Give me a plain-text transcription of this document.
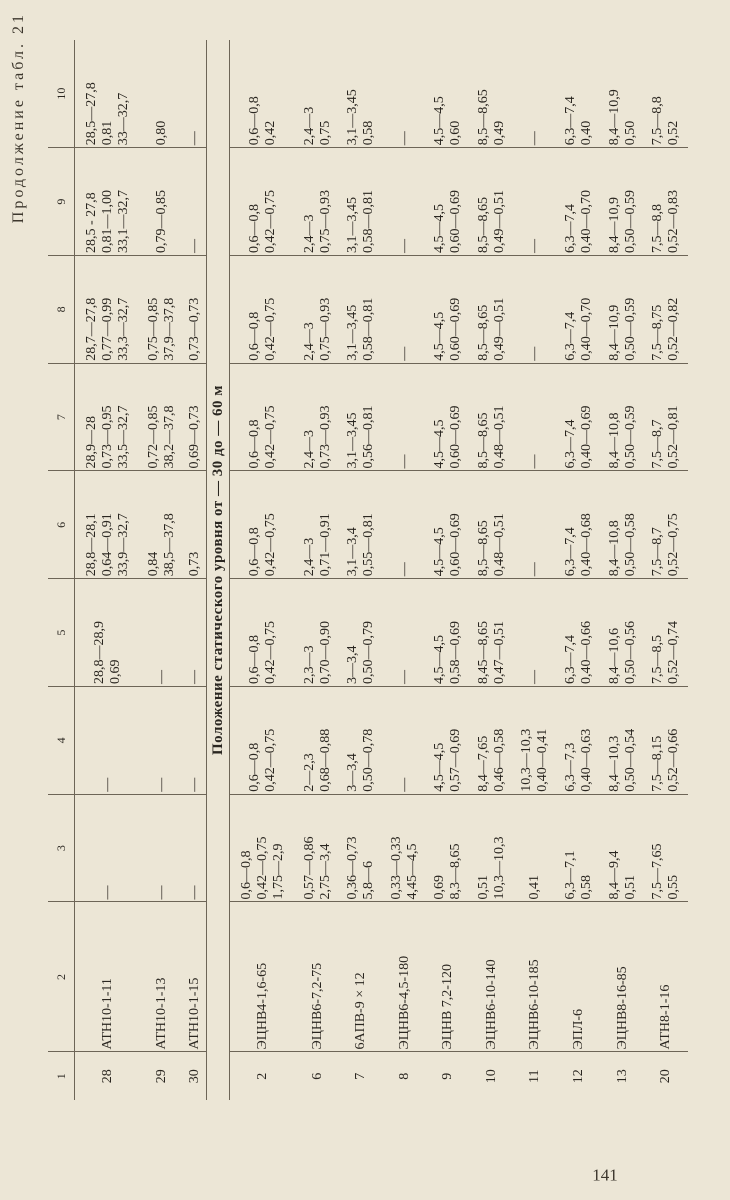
Продолжение табл. 21
141
1	2	3	4	5	6	7	8	9	10
28	АТН10-1-11	—	—	28,8—28,9 0,69	28,8—28,1 0,64—0,91 33,9—32,7	28,9—28 0,73—0,95 33,5—32,7	28,7—27,8 0,77—0,99 33,3—32,7	28,5 - 27,8 0,81—1,00 33,1—32,7	28,5—27,8 0,81 33—32,7

29	АТН10-1-13	—	—	—	0,84 38,5—37,8	0,72—0,85 38,2—37,8	0,75—0,85 37,9—37,8	0,79—0,85	0,80

30	АТН10-1-15	—	—	—	0,73	0,69—0,73	0,73—0,73	—	—

Положение статического уровня от — 30 до — 60 м									
2	ЭЦНВ4-1,6-65	0,6—0,8 0,42—0,75 1,75—2,9	0,6—0,8 0,42—0,75	0,6—0,8 0,42—0,75	0,6—0,8 0,42—0,75	0,6—0,8 0,42—0,75	0,6—0,8 0,42—0,75	0,6—0,8 0,42—0,75	0,6—0,8 0,42

6	ЭЦНВ6-7,2-75	0,57—0,86 2,75—3,4	2—2,3 0,68—0,88	2,3—3 0,70—0,90	2,4—3 0,71—0,91	2,4—3 0,73—0,93	2,4—3 0,75—0,93	2,4—3 0,75—0,93	2,4—3 0,75

7	6АПВ-9 × 12	0,36—0,73 5,8—6	3—3,4 0,50—0,78	3—3,4 0,50—0,79	3,1—3,4 0,55—0,81	3,1—3,45 0,56—0,81	3,1—3,45 0,58—0,81	3,1—3,45 0,58—0,81	3,1—3,45 0,58

8	ЭЦНВ6-4,5-180	0,33—0,33 4,45—4,5	—	—	—	—	—	—	—

9	ЭЦНВ 7,2-120	0,69 8,3—8,65	4,5—4,5 0,57—0,69	4,5—4,5 0,58—0,69	4,5—4,5 0,60—0,69	4,5—4,5 0,60—0,69	4,5—4,5 0,60—0,69	4,5—4,5 0,60—0,69	4,5—4,5 0,60

10	ЭЦНВ6-10-140	0,51 10,3—10,3	8,4—7,65 0,46—0,58	8,45—8,65 0,47—0,51	8,5—8,65 0,48—0,51	8,5—8,65 0,48—0,51	8,5—8,65 0,49—0,51	8,5—8,65 0,49—0,51	8,5—8,65 0,49

11	ЭЦНВ6-10-185	0,41	10,3—10,3 0,40—0,41	—	—	—	—	—	—

12	ЭПЛ-6	6,3—7,1 0,58	6,3—7,3 0,40—0,63	6,3—7,4 0,40—0,66	6,3—7,4 0,40—0,68	6,3—7,4 0,40—0,69	6,3—7,4 0,40—0,70	6,3—7,4 0,40—0,70	6,3—7,4 0,40

13	ЭЦНВ8-16-85	8,4—9,4 0,51	8,4—10,3 0,50—0,54	8,4—10,6 0,50—0,56	8,4—10,8 0,50—0,58	8,4—10,8 0,50—0,59	8,4—10,9 0,50—0,59	8,4—10,9 0,50—0,59	8,4—10,9 0,50

20	АТН8-1-16	7,5—7,65 0,55	7,5—8,15 0,52—0,66	7,5—8,5 0,52—0,74	7,5—8,7 0,52—0,75	7,5—8,7 0,52—0,81	7,5—8,75 0,52—0,82	7,5—8,8 0,52—0,83	7,5—8,8 0,52
